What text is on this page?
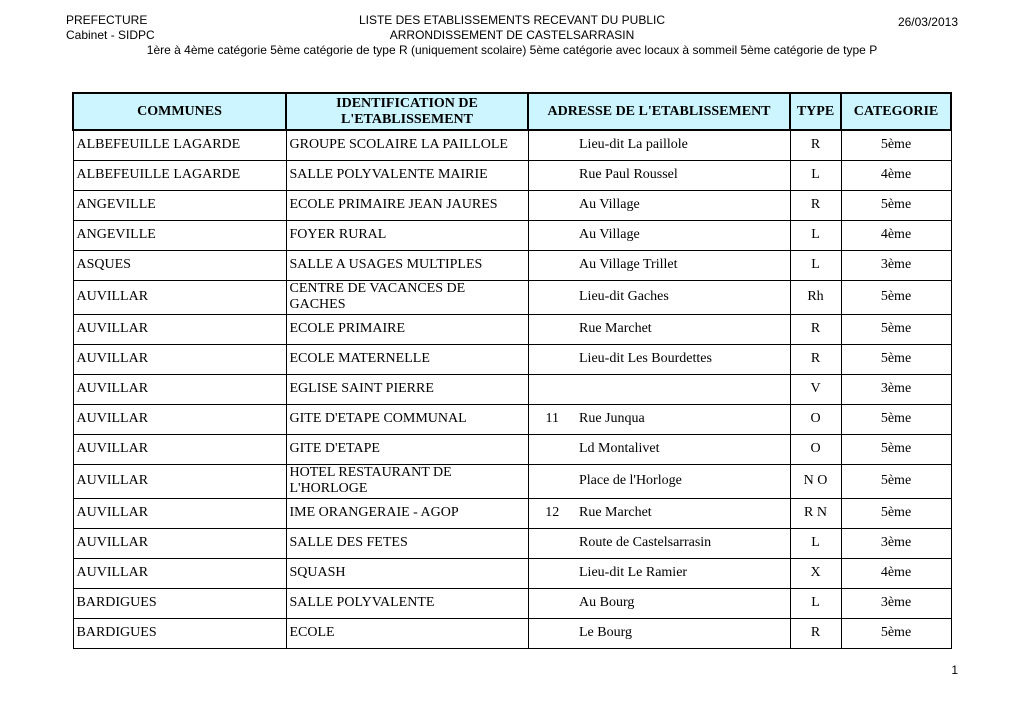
PREFECTURE
Cabinet - SIDPC
LISTE DES ETABLISSEMENTS RECEVANT DU PUBLIC
ARRONDISSEMENT DE CASTELSARRASIN
26/03/2013
1ère à 4ème catégorie 5ème catégorie de type R (uniquement scolaire) 5ème catégorie avec locaux à sommeil 5ème catégorie de type P
COMMUNES	IDENTIFICATION DE L'ETABLISSEMENT	ADRESSE DE L'ETABLISSEMENT		TYPE	CATEGORIE
ALBEFEUILLE LAGARDE	GROUPE SCOLAIRE LA PAILLOLE		Lieu-dit La paillole	R	5ème
ALBEFEUILLE LAGARDE	SALLE POLYVALENTE MAIRIE		Rue Paul Roussel	L	4ème
ANGEVILLE	ECOLE PRIMAIRE JEAN JAURES		Au Village	R	5ème
ANGEVILLE	FOYER RURAL		Au Village	L	4ème
ASQUES	SALLE A USAGES MULTIPLES		Au Village Trillet	L	3ème
AUVILLAR	CENTRE DE VACANCES DE GACHES		Lieu-dit Gaches	Rh	5ème
AUVILLAR	ECOLE PRIMAIRE		Rue Marchet	R	5ème
AUVILLAR	ECOLE MATERNELLE		Lieu-dit Les Bourdettes	R	5ème
AUVILLAR	EGLISE SAINT PIERRE			V	3ème
AUVILLAR	GITE D'ETAPE COMMUNAL	11	Rue Junqua	O	5ème
AUVILLAR	GITE D'ETAPE		Ld Montalivet	O	5ème
AUVILLAR	HOTEL RESTAURANT DE L'HORLOGE		Place de l'Horloge	N O	5ème
AUVILLAR	IME ORANGERAIE - AGOP	12	Rue Marchet	R N	5ème
AUVILLAR	SALLE DES FETES		Route de Castelsarrasin	L	3ème
AUVILLAR	SQUASH		Lieu-dit Le Ramier	X	4ème
BARDIGUES	SALLE POLYVALENTE		Au Bourg	L	3ème
BARDIGUES	ECOLE		Le Bourg	R	5ème
1
